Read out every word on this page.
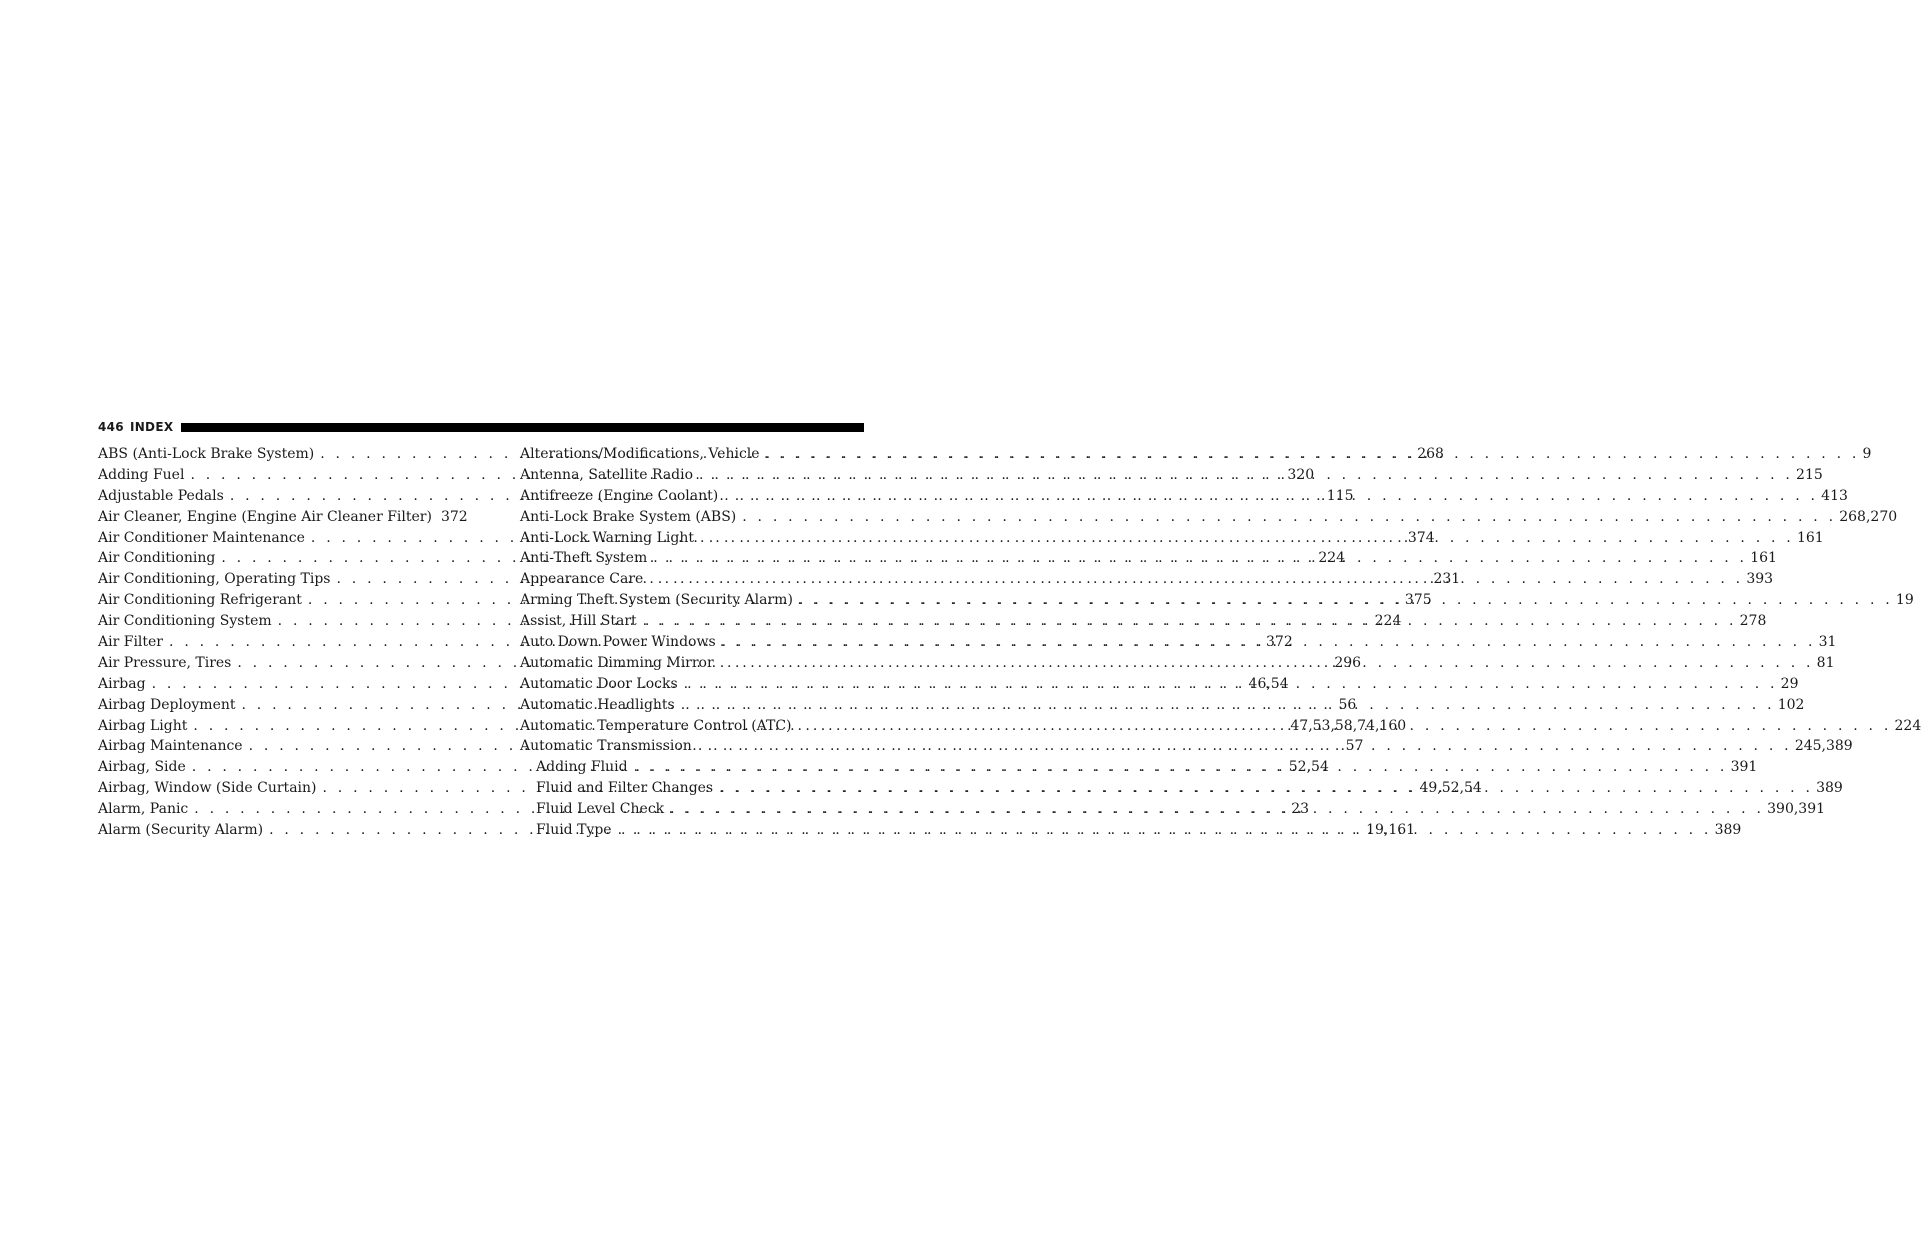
446 INDEX
ABS (Anti-Lock Brake System) . . .	268
Adding Fuel . . .	320
Adjustable Pedals . . .	115
Air Cleaner, Engine (Engine Air Cleaner Filter) 372
Air Conditioner Maintenance . . .	374
Air Conditioning . . .	224
Air Conditioning, Operating Tips . . .	231
Air Conditioning Refrigerant . . .	375
Air Conditioning System . . .	224
Air Filter . . .	372
Air Pressure, Tires . . .	296
Airbag . . .	46,54
Airbag Deployment . . .	56
Airbag Light . . .	47,53,58,74,160
Airbag Maintenance . . .	57
Airbag, Side . . .	52,54
Airbag, Window (Side Curtain) . . .	49,52,54
Alarm, Panic . . .	23
Alarm (Security Alarm) . . .	19,161
Alterations/Modifications, Vehicle . . .	9
Antenna, Satellite Radio . . .	215
Antifreeze (Engine Coolant) . . .	413
Anti-Lock Brake System (ABS) . . .	268,270
Anti-Lock Warning Light . . .	161
Anti-Theft System . . .	161
Appearance Care . . .	393
Arming Theft System (Security Alarm) . . .	19
Assist, Hill Start . . .	278
Auto Down Power Windows . . .	31
Automatic Dimming Mirror . . .	81
Automatic Door Locks . . .	29
Automatic Headlights . . .	102
Automatic Temperature Control (ATC) . . .	224
Automatic Transmission . . .	245,389
Adding Fluid . . .	391
Fluid and Filter Changes . . .	389
Fluid Level Check . . .	390,391
Fluid Type . . .	389
